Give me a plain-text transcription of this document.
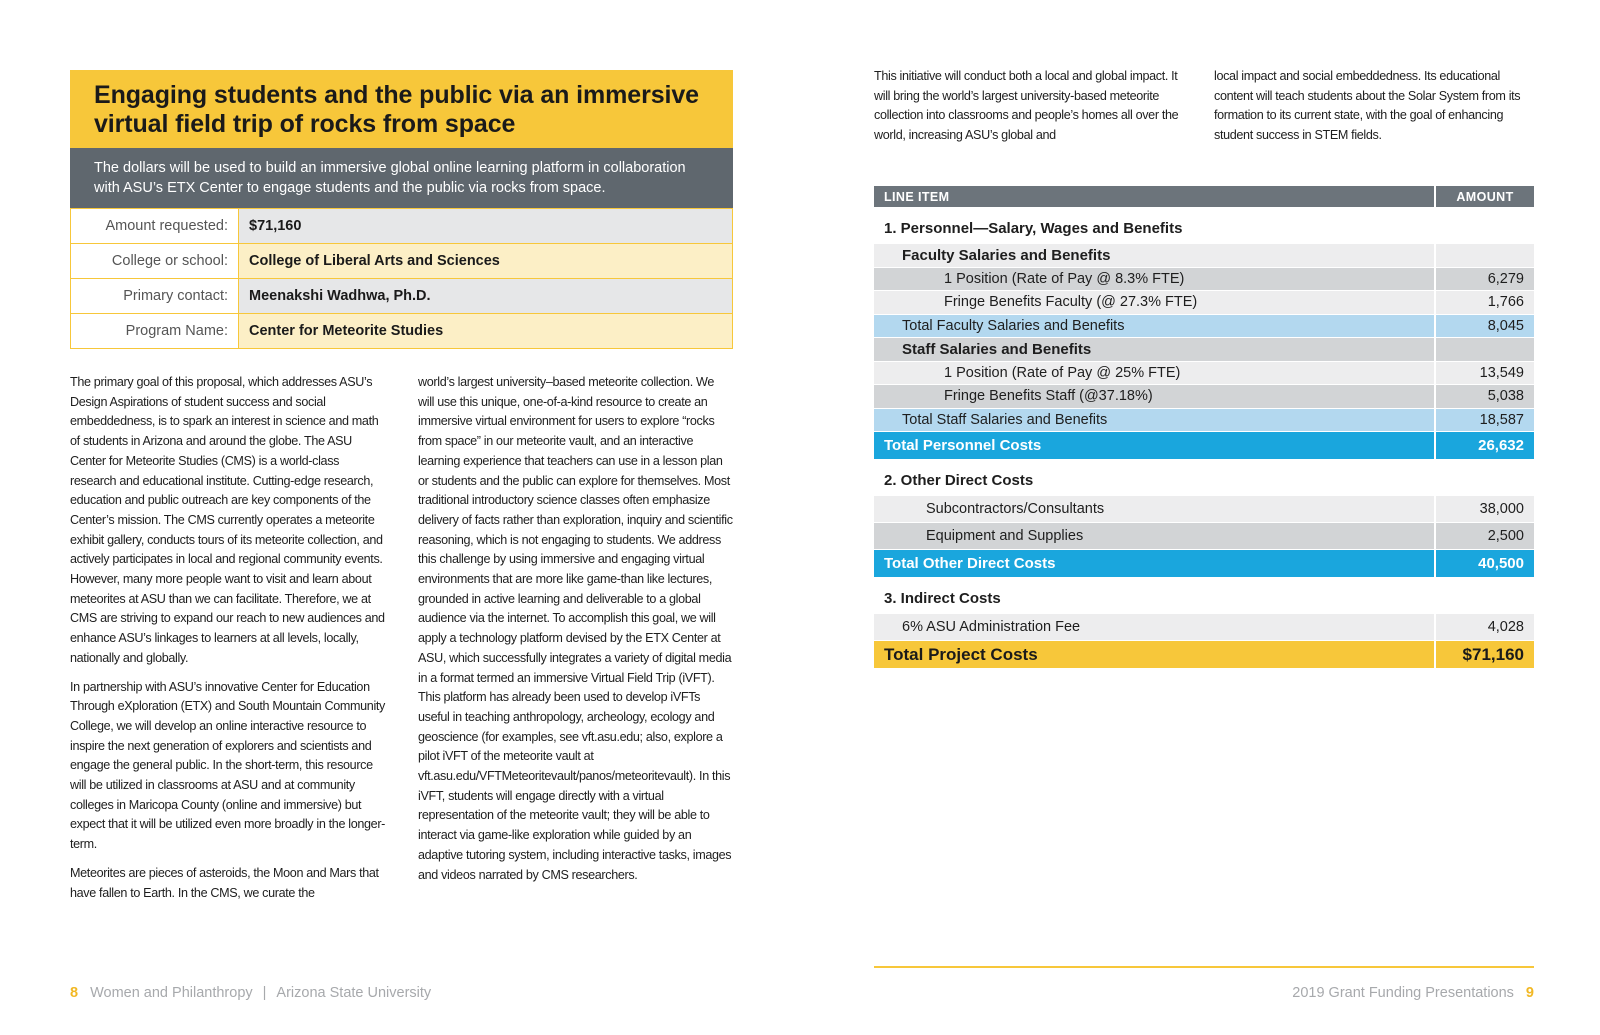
Engaging students and the public via an immersive virtual field trip of rocks from space
The dollars will be used to build an immersive global online learning platform in collaboration with ASU’s ETX Center to engage students and the public via rocks from space.
Amount requested:	$71,160
College or school:	College of Liberal Arts and Sciences
Primary contact:	Meenakshi Wadhwa, Ph.D.
Program Name:	Center for Meteorite Studies

The primary goal of this proposal, which addresses ASU’s Design Aspirations of student success and social embeddedness, is to spark an interest in science and math of students in Arizona and around the globe. The ASU Center for Meteorite Studies (CMS) is a world-class research and educational institute. Cutting-edge research, education and public outreach are key components of the Center’s mission. The CMS currently operates a meteorite exhibit gallery, conducts tours of its meteorite collection, and actively participates in local and regional community events. However, many more people want to visit and learn about meteorites at ASU than we can facilitate. Therefore, we at CMS are striving to expand our reach to new audiences and enhance ASU’s linkages to learners at all levels, locally, nationally and globally.

In partnership with ASU’s innovative Center for Education Through eXploration (ETX) and South Mountain Community College, we will develop an online interactive resource to inspire the next generation of explorers and scientists and engage the general public. In the short-term, this resource will be utilized in classrooms at ASU and at community colleges in Maricopa County (online and immersive) but expect that it will be utilized even more broadly in the longer-term.

Meteorites are pieces of asteroids, the Moon and Mars that have fallen to Earth. In the CMS, we curate the

world’s largest university–based meteorite collection. We will use this unique, one-of-a-kind resource to create an immersive virtual environment for users to explore “rocks from space” in our meteorite vault, and an interactive learning experience that teachers can use in a lesson plan or students and the public can explore for themselves. Most traditional introductory science classes often emphasize delivery of facts rather than exploration, inquiry and scientific reasoning, which is not engaging to students. We address this challenge by using immersive and engaging virtual environments that are more like game-than like lectures, grounded in active learning and deliverable to a global audience via the internet. To accomplish this goal, we will apply a technology platform devised by the ETX Center at ASU, which successfully integrates a variety of digital media in a format termed an immersive Virtual Field Trip (iVFT). This platform has already been used to develop iVFTs useful in teaching anthropology, archeology, ecology and geoscience (for examples, see vft.asu.edu; also, explore a pilot iVFT of the meteorite vault at vft.asu.edu/VFTMeteoritevault/panos/meteoritevault). In this iVFT, students will engage directly with a virtual representation of the meteorite vault; they will be able to interact via game-like exploration while guided by an adaptive tutoring system, including interactive tasks, images and videos narrated by CMS researchers.

This initiative will conduct both a local and global impact. It will bring the world’s largest university-based meteorite collection into classrooms and people’s homes all over the world, increasing ASU’s global and
local impact and social embeddedness. Its educational content will teach students about the Solar System from its formation to its current state, with the goal of enhancing student success in STEM fields.
LINE ITEM	AMOUNT
1. Personnel—Salary, Wages and Benefits	
Faculty Salaries and Benefits	
1 Position (Rate of Pay @ 8.3% FTE)	6,279
Fringe Benefits Faculty (@ 27.3% FTE)	1,766
Total Faculty Salaries and Benefits	8,045
Staff Salaries and Benefits	
1 Position (Rate of Pay @ 25% FTE)	13,549
Fringe Benefits Staff (@37.18%)	5,038
Total Staff Salaries and Benefits	18,587
Total Personnel Costs	26,632
2. Other Direct Costs	
Subcontractors/Consultants	38,000
Equipment and Supplies	2,500
Total Other Direct Costs	40,500
3. Indirect Costs	
6% ASU Administration Fee	4,028
Total Project Costs	$71,160
8 Women and Philanthropy | Arizona State University	2019 Grant Funding Presentations 9
